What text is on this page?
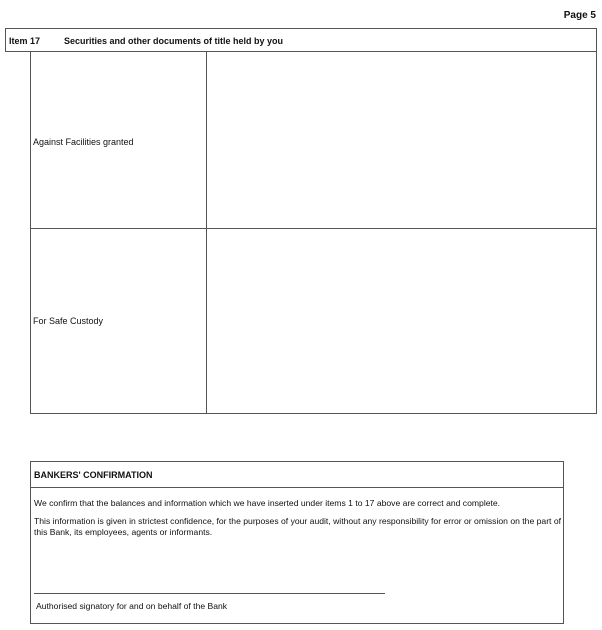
Page 5
Item 17	Securities and other documents of title held by you
Against Facilities granted
For Safe Custody
BANKERS' CONFIRMATION

We confirm that the balances and information which we have inserted under items 1 to 17 above are correct and complete.

This information is given in strictest confidence, for the purposes of your audit, without any responsibility for error or omission on the part of this Bank, its employees, agents or informants.

Authorised signatory for and on behalf of the Bank
